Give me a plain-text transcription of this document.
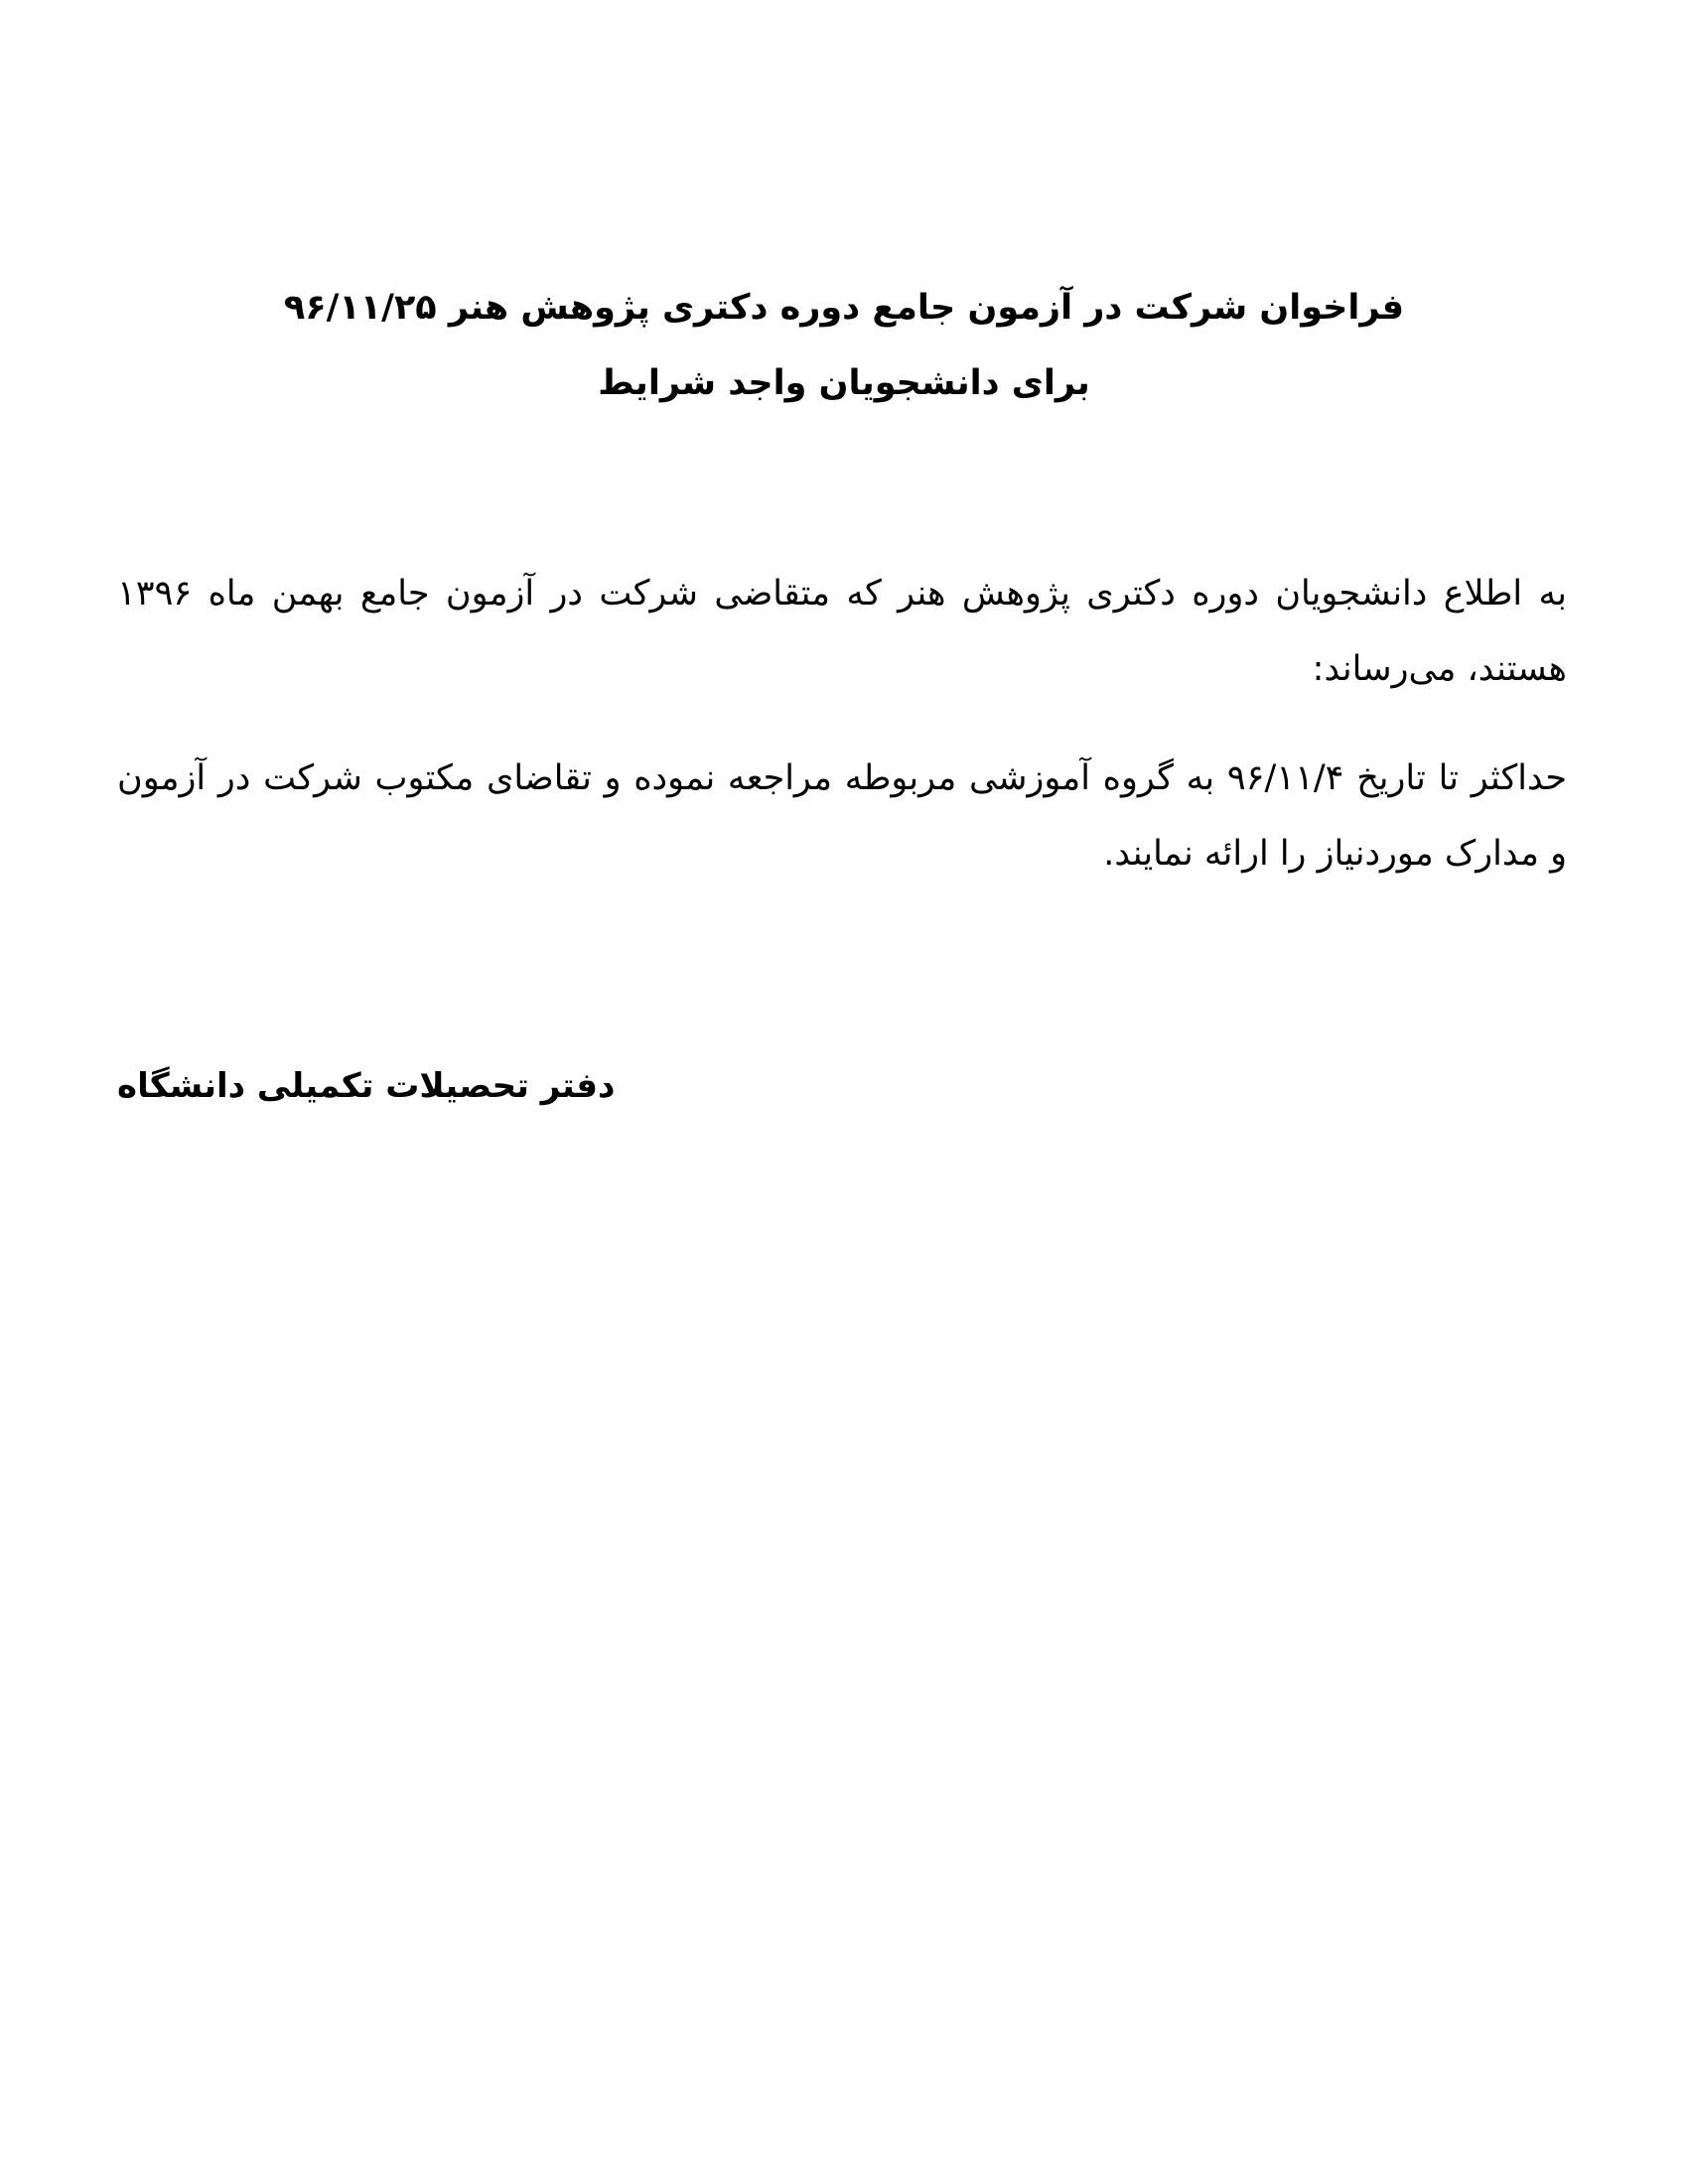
فراخوان شرکت در آزمون جامع دوره دکتری پژوهش هنر ۹۶/۱۱/۲۵
برای دانشجویان واجد شرایط

به اطلاع دانشجویان دوره دکتری پژوهش هنر که متقاضی شرکت در آزمون جامع بهمن ماه ۱۳۹۶ هستند، می‌رساند:

حداکثر تا تاریخ ۹۶/۱۱/۴ به گروه آموزشی مربوطه مراجعه نموده و تقاضای مکتوب شرکت در آزمون و مدارک موردنیاز را ارائه نمایند.

دفتر تحصیلات تکمیلی دانشگاه
